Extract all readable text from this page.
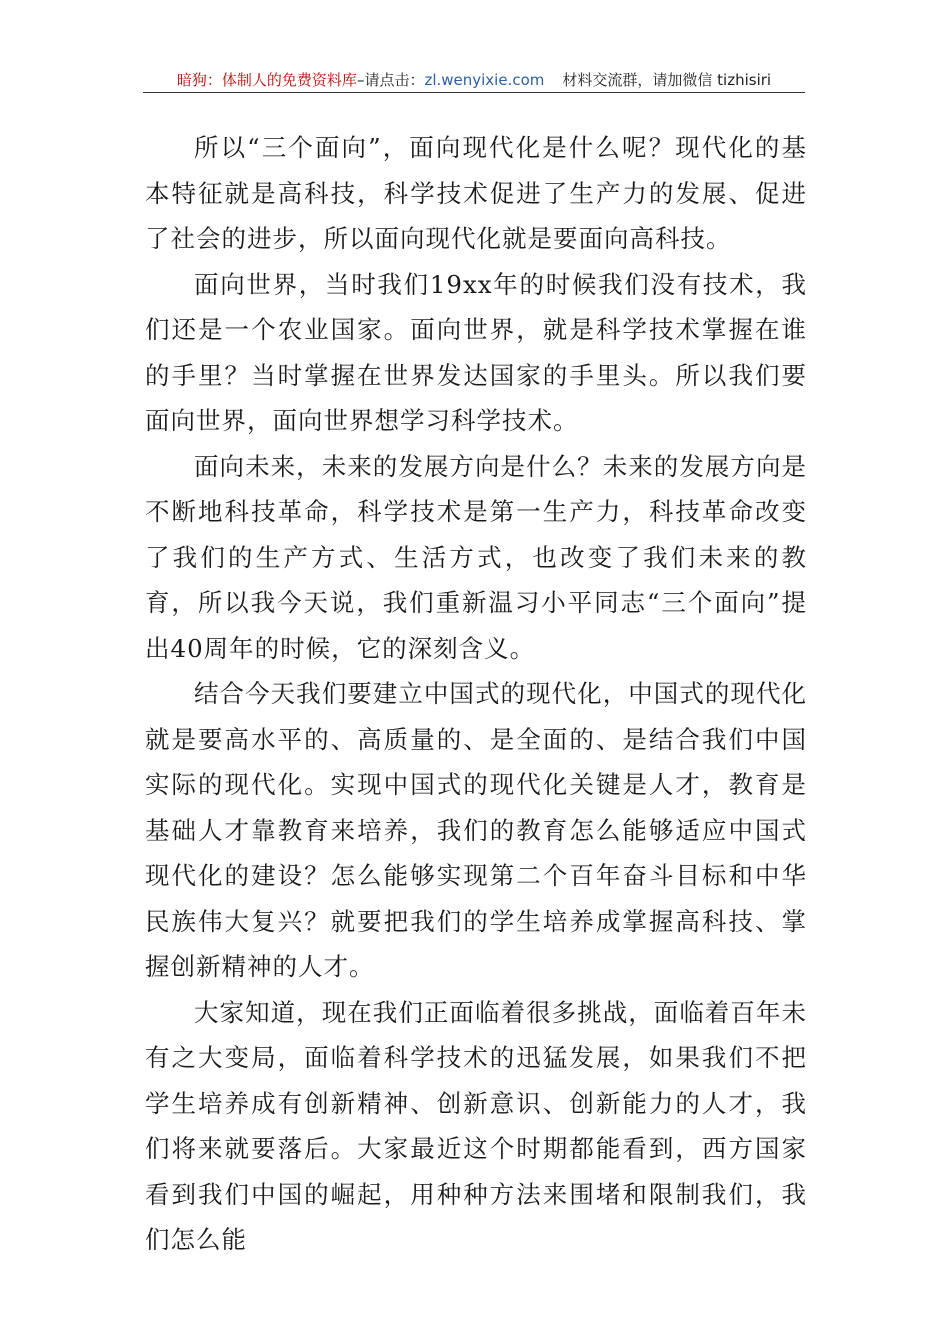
暗狗：体制人的免费资料库–请点击：zl.wenyixie.com 材料交流群，请加微信 tizhisiri

所以“三个面向”，面向现代化是什么呢？现代化的基本特征就是高科技，科学技术促进了生产力的发展、促进了社会的进步，所以面向现代化就是要面向高科技。

面向世界，当时我们19xx年的时候我们没有技术，我们还是一个农业国家。面向世界，就是科学技术掌握在谁的手里？当时掌握在世界发达国家的手里头。所以我们要面向世界，面向世界想学习科学技术。

面向未来，未来的发展方向是什么？未来的发展方向是不断地科技革命，科学技术是第一生产力，科技革命改变了我们的生产方式、生活方式，也改变了我们未来的教育，所以我今天说，我们重新温习小平同志“三个面向”提出40周年的时候，它的深刻含义。

结合今天我们要建立中国式的现代化，中国式的现代化就是要高水平的、高质量的、是全面的、是结合我们中国实际的现代化。实现中国式的现代化关键是人才，教育是基础人才靠教育来培养，我们的教育怎么能够适应中国式现代化的建设？怎么能够实现第二个百年奋斗目标和中华民族伟大复兴？就要把我们的学生培养成掌握高科技、掌握创新精神的人才。

大家知道，现在我们正面临着很多挑战，面临着百年未有之大变局，面临着科学技术的迅猛发展，如果我们不把学生培养成有创新精神、创新意识、创新能力的人才，我们将来就要落后。大家最近这个时期都能看到，西方国家看到我们中国的崛起，用种种方法来围堵和限制我们，我们怎么能
